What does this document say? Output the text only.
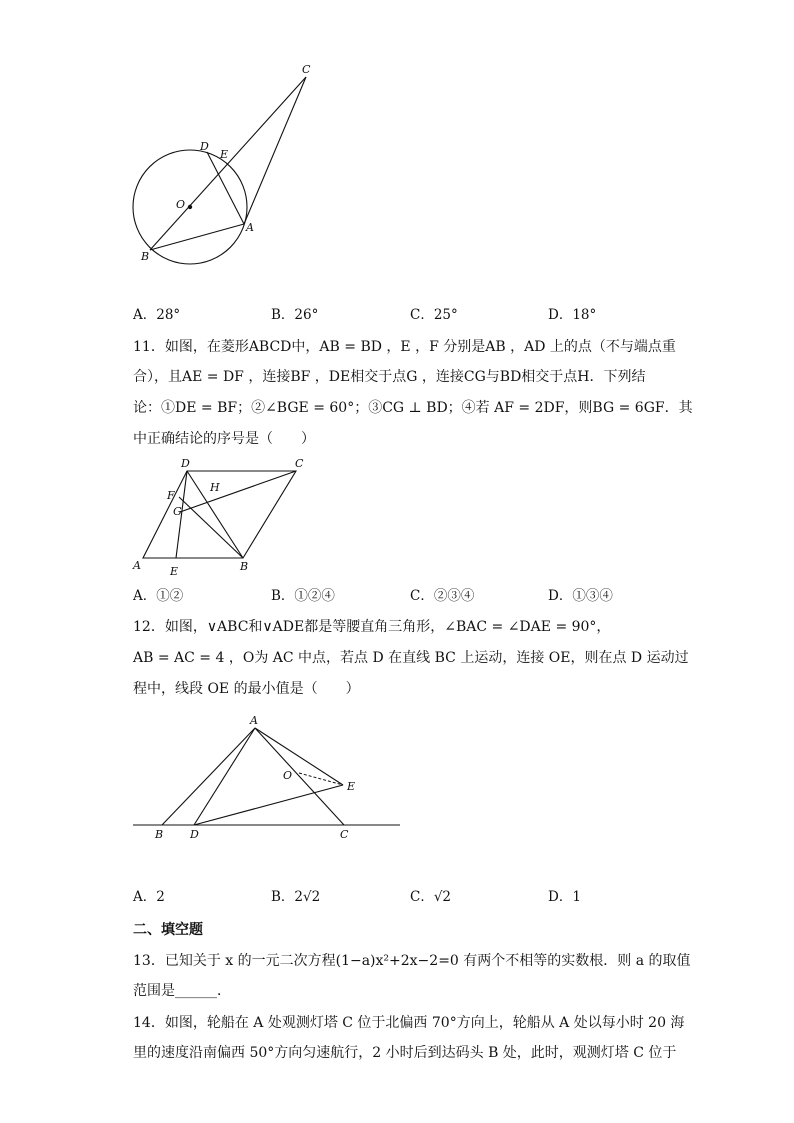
C
D
E
O
A
B
A．28°	B．26°	C．25°	D．18°
11．如图，在菱形ABCD中，AB = BD ，E ，F 分别是AB ，AD 上的点（不与端点重
合），且AE = DF ，连接BF ，DE相交于点G ，连接CG与BD相交于点H．下列结
论：①DE = BF；②∠BGE = 60°；③CG ⊥ BD；④若 AF = 2DF，则BG = 6GF．其
中正确结论的序号是（　　）
D	C
F
H
G
A	E	B
A．①②	B．①②④	C．②③④	D．①③④
12．如图，∨ABC和∨ADE都是等腰直角三角形，∠BAC = ∠DAE = 90°，
AB = AC = 4 ，O为 AC 中点，若点 D 在直线 BC 上运动，连接 OE，则在点 D 运动过
程中，线段 OE 的最小值是（　　）
A
O
E
B D	C
A．2	B．2√2	C．√2	D．1
二、填空题
13．已知关于 x 的一元二次方程(1−a)x²+2x−2=0 有两个不相等的实数根．则 a 的取值
范围是______．
14．如图，轮船在 A 处观测灯塔 C 位于北偏西 70°方向上，轮船从 A 处以每小时 20 海
里的速度沿南偏西 50°方向匀速航行，2 小时后到达码头 B 处，此时，观测灯塔 C 位于
